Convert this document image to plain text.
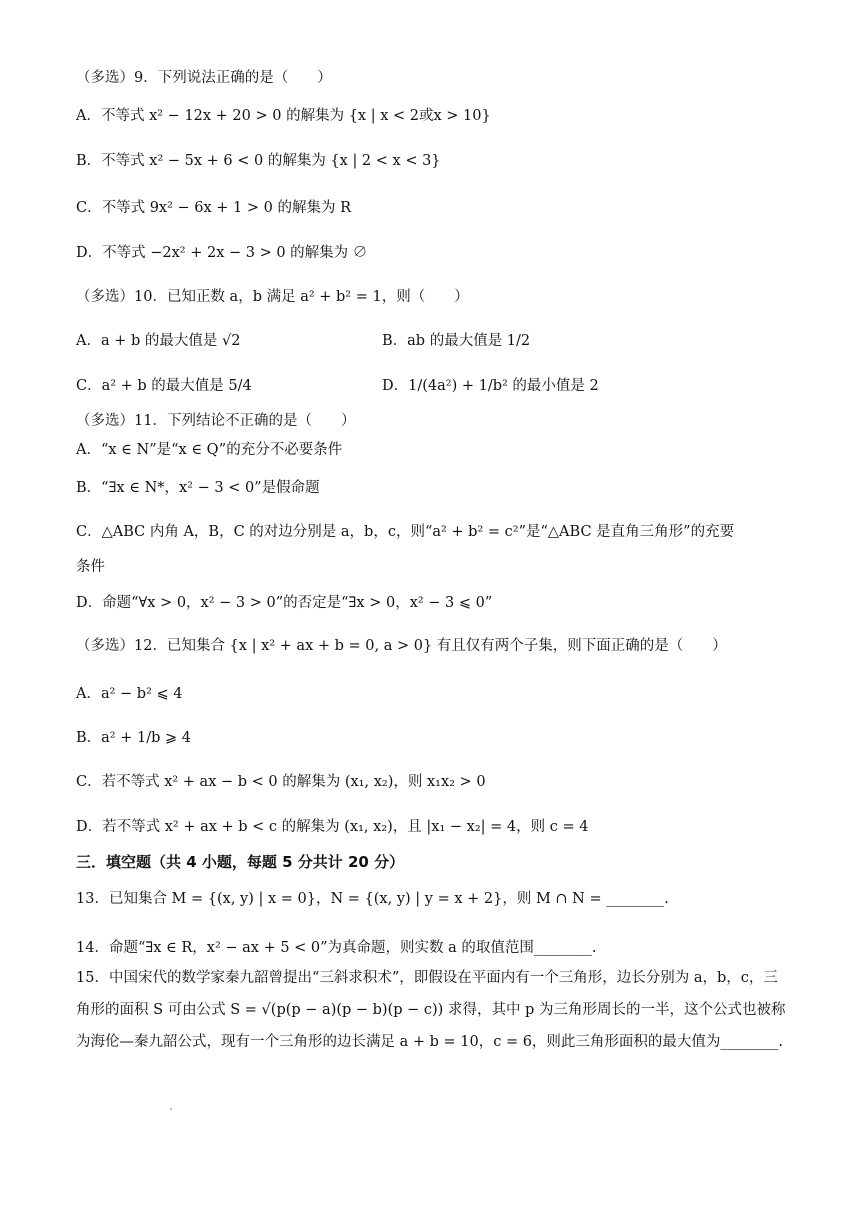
（多选）9．下列说法正确的是（　　）
A．不等式 x² − 12x + 20 > 0 的解集为 {x | x < 2或x > 10}
B．不等式 x² − 5x + 6 < 0 的解集为 {x | 2 < x < 3}
C．不等式 9x² − 6x + 1 > 0 的解集为 R
D．不等式 −2x² + 2x − 3 > 0 的解集为 ∅
（多选）10．已知正数 a，b 满足 a² + b² = 1，则（　　）
A．a + b 的最大值是 √2	B．ab 的最大值是 1/2
C．a² + b 的最大值是 5/4	D．1/(4a²) + 1/b² 的最小值是 2
（多选）11．下列结论不正确的是（　　）
A．“x ∈ N”是“x ∈ Q”的充分不必要条件
B．“∃x ∈ N*，x² − 3 < 0”是假命题
C．△ABC 内角 A，B，C 的对边分别是 a，b，c，则“a² + b² = c²”是“△ABC 是直角三角形”的充要
条件
D．命题“∀x > 0，x² − 3 > 0”的否定是“∃x > 0，x² − 3 ⩽ 0”
（多选）12．已知集合 {x | x² + ax + b = 0, a > 0} 有且仅有两个子集，则下面正确的是（　　）
A．a² − b² ⩽ 4
B．a² + 1/b ⩾ 4
C．若不等式 x² + ax − b < 0 的解集为 (x₁, x₂)，则 x₁x₂ > 0
D．若不等式 x² + ax + b < c 的解集为 (x₁, x₂)，且 |x₁ − x₂| = 4，则 c = 4
三．填空题（共 4 小题，每题 5 分共计 20 分）
13．已知集合 M = {(x, y) | x = 0}，N = {(x, y) | y = x + 2}，则 M ∩ N = ________.
14．命题“∃x ∈ R，x² − ax + 5 < 0”为真命题，则实数 a 的取值范围________.
15．中国宋代的数学家秦九韶曾提出“三斜求积术”，即假设在平面内有一个三角形，边长分别为 a，b，c，三角形的面积 S 可由公式 S = √(p(p − a)(p − b)(p − c)) 求得，其中 p 为三角形周长的一半，这个公式也被称为海伦—秦九韶公式，现有一个三角形的边长满足 a + b = 10，c = 6，则此三角形面积的最大值为________.
